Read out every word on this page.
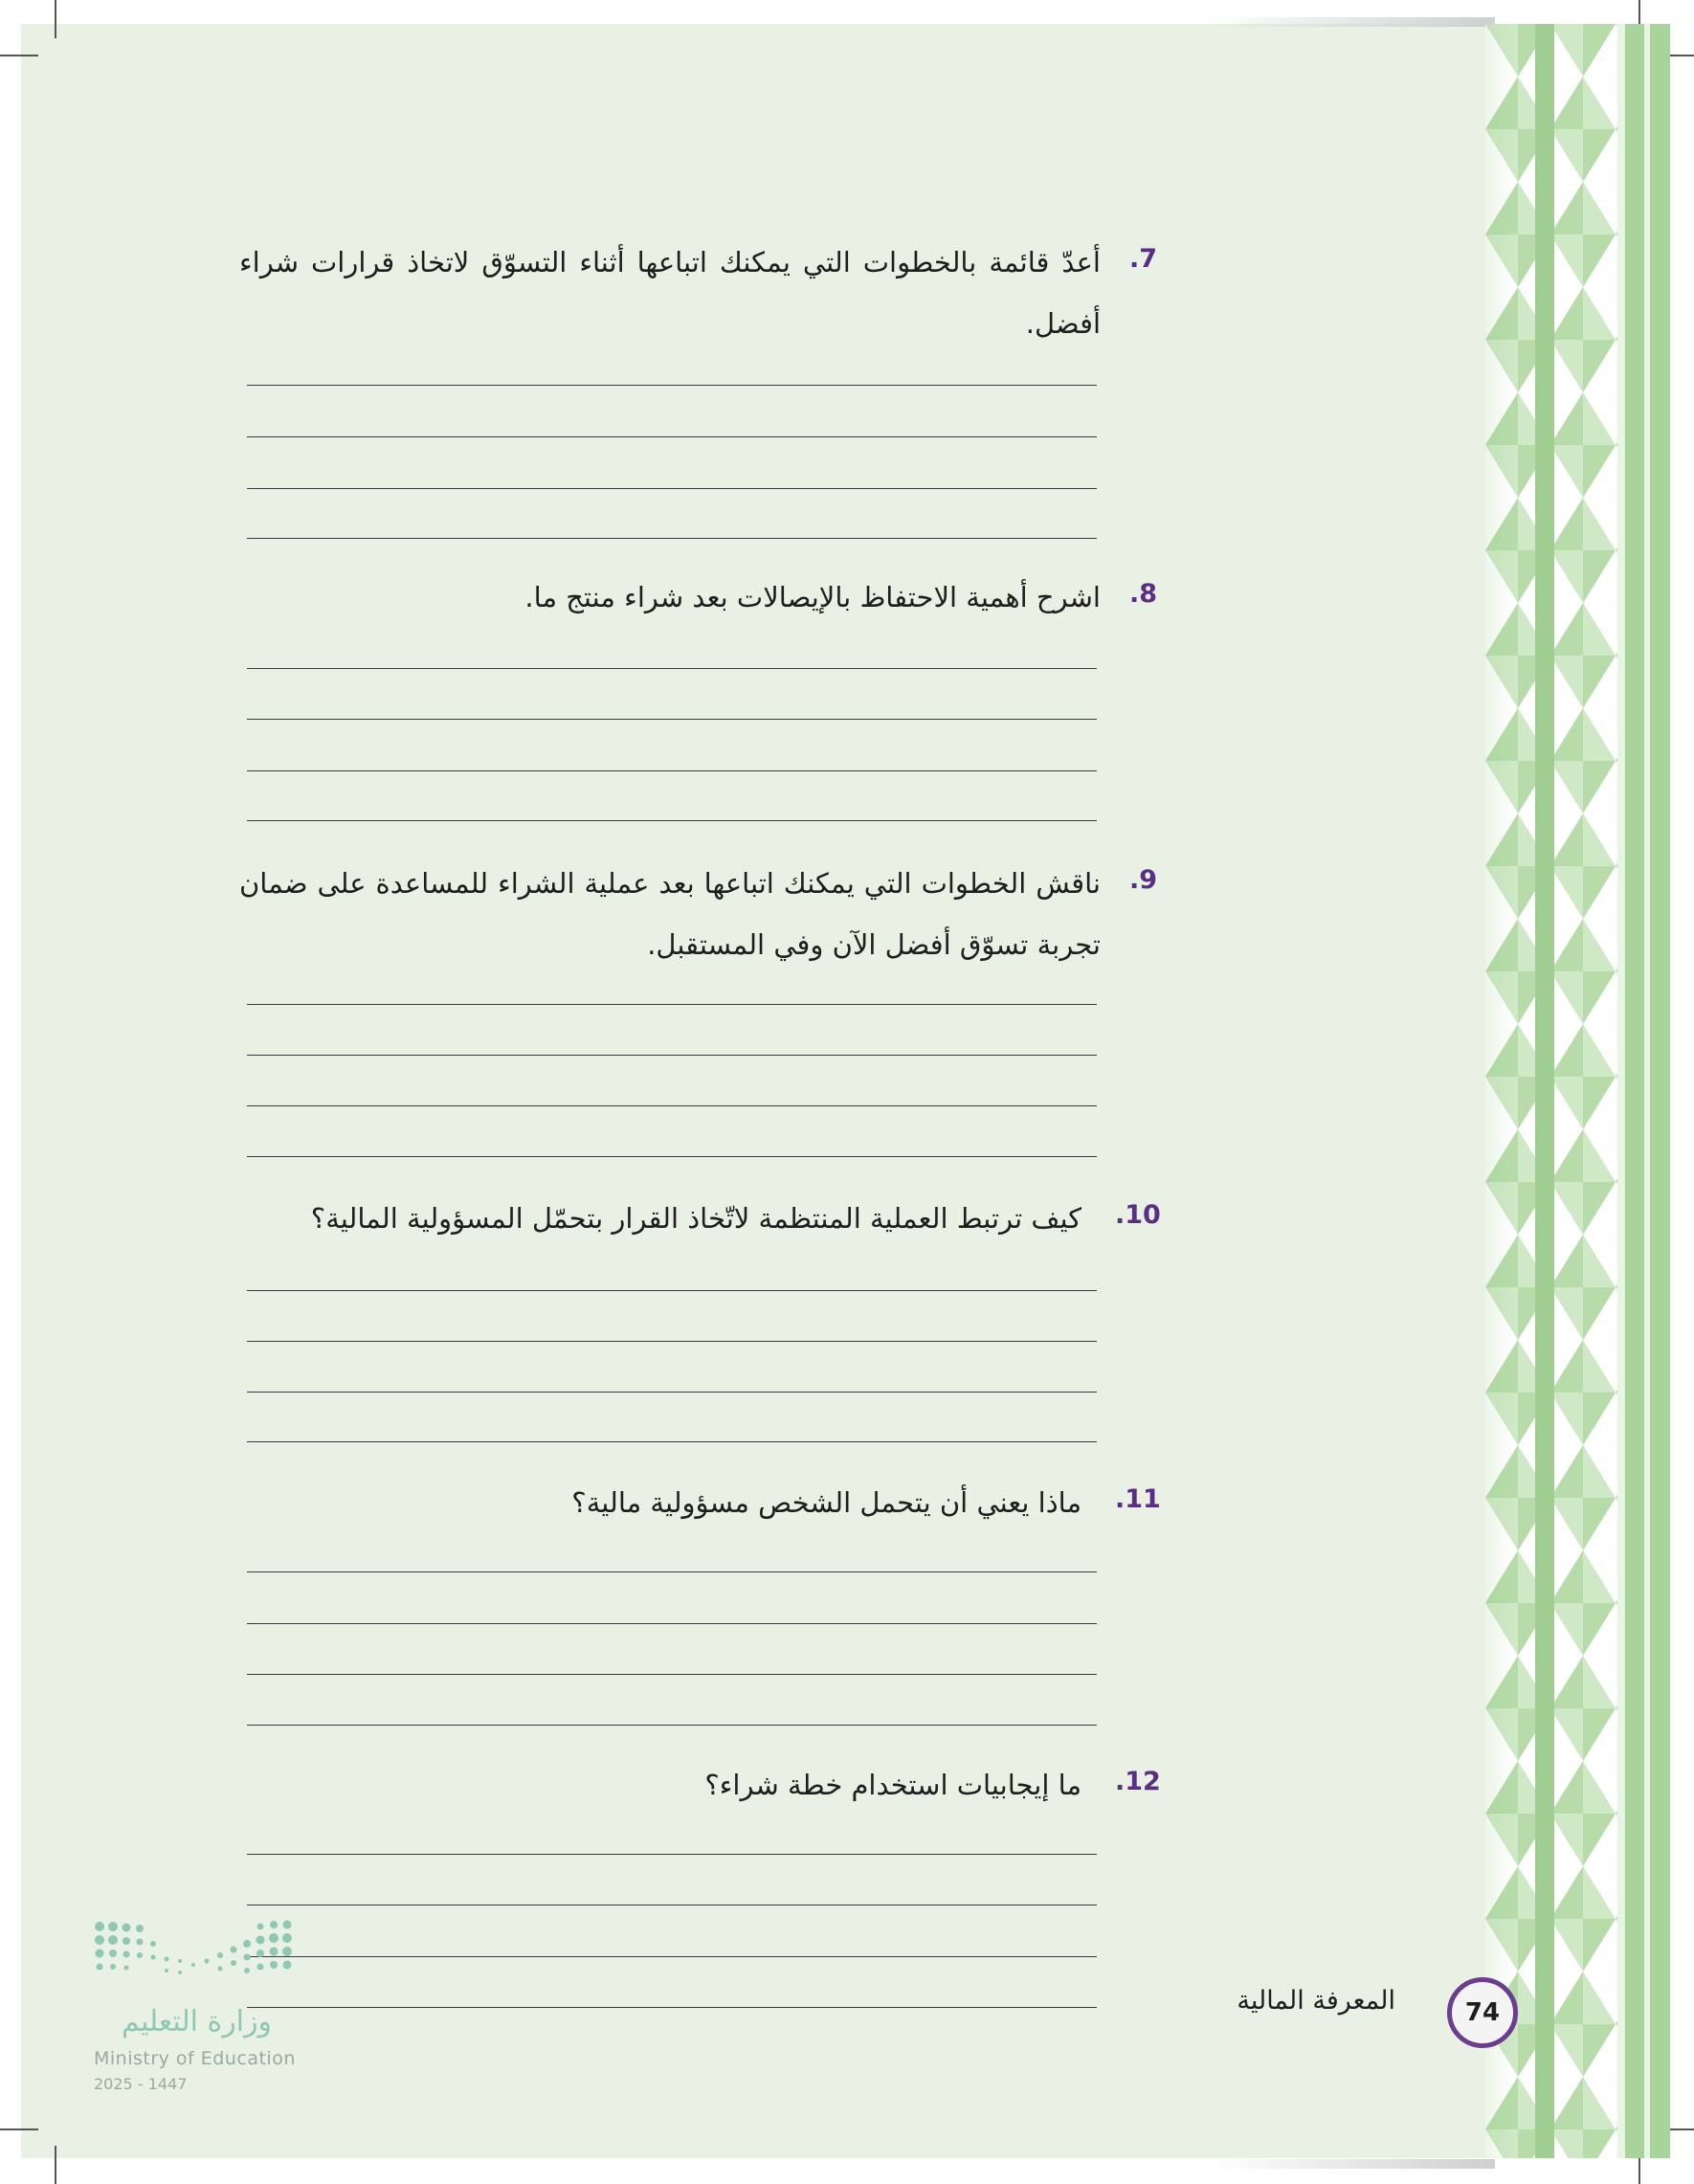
.7
أعدّ قائمة بالخطوات التي يمكنك اتباعها أثناء التسوّق لاتخاذ قرارات شراء أفضل.
.8
اشرح أهمية الاحتفاظ بالإيصالات بعد شراء منتج ما.
.9
ناقش الخطوات التي يمكنك اتباعها بعد عملية الشراء للمساعدة على ضمان تجربة تسوّق أفضل الآن وفي المستقبل.
.10
كيف ترتبط العملية المنتظمة لاتّخاذ القرار بتحمّل المسؤولية المالية؟
.11
ماذا يعني أن يتحمل الشخص مسؤولية مالية؟
.12
ما إيجابيات استخدام خطة شراء؟
وزارة التعليم
Ministry of Education
2025 - 1447
المعرفة المالية	74
